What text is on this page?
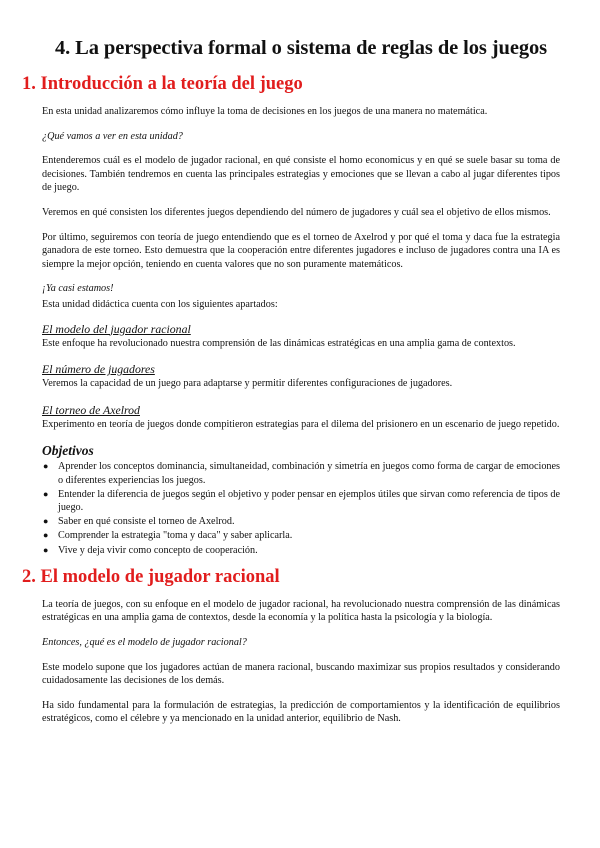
4. La perspectiva formal o sistema de reglas de los juegos
1. Introducción a la teoría del juego

En esta unidad analizaremos cómo influye la toma de decisiones en los juegos de una manera no matemática.

¿Qué vamos a ver en esta unidad?

Entenderemos cuál es el modelo de jugador racional, en qué consiste el homo economicus y en qué se suele basar su toma de decisiones. También tendremos en cuenta las principales estrategias y emociones que se llevan a cabo al jugar diferentes tipos de juego.

Veremos en qué consisten los diferentes juegos dependiendo del número de jugadores y cuál sea el objetivo de ellos mismos.

Por último, seguiremos con teoría de juego entendiendo que es el torneo de Axelrod y por qué el toma y daca fue la estrategia ganadora de este torneo. Esto demuestra que la cooperación entre diferentes jugadores e incluso de jugadores contra una IA es siempre la mejor opción, teniendo en cuenta valores que no son puramente matemáticos.

¡Ya casi estamos!

Esta unidad didáctica cuenta con los siguientes apartados:

El modelo del jugador racional

Este enfoque ha revolucionado nuestra comprensión de las dinámicas estratégicas en una amplia gama de contextos.

El número de jugadores

Veremos la capacidad de un juego para adaptarse y permitir diferentes configuraciones de jugadores.

El torneo de Axelrod

Experimento en teoría de juegos donde compitieron estrategias para el dilema del prisionero en un escenario de juego repetido.

Objetivos
● Aprender los conceptos dominancia, simultaneidad, combinación y simetría en juegos como forma de cargar de emociones o diferentes experiencias los juegos.
● Entender la diferencia de juegos según el objetivo y poder pensar en ejemplos útiles que sirvan como referencia de tipos de juego.
● Saber en qué consiste el torneo de Axelrod.
● Comprender la estrategia "toma y daca" y saber aplicarla.
● Vive y deja vivir como concepto de cooperación.
2. El modelo de jugador racional

La teoría de juegos, con su enfoque en el modelo de jugador racional, ha revolucionado nuestra comprensión de las dinámicas estratégicas en una amplia gama de contextos, desde la economía y la política hasta la psicología y la biología.

Entonces, ¿qué es el modelo de jugador racional?

Este modelo supone que los jugadores actúan de manera racional, buscando maximizar sus propios resultados y considerando cuidadosamente las decisiones de los demás.

Ha sido fundamental para la formulación de estrategias, la predicción de comportamientos y la identificación de equilibrios estratégicos, como el célebre y ya mencionado en la unidad anterior, equilibrio de Nash.
